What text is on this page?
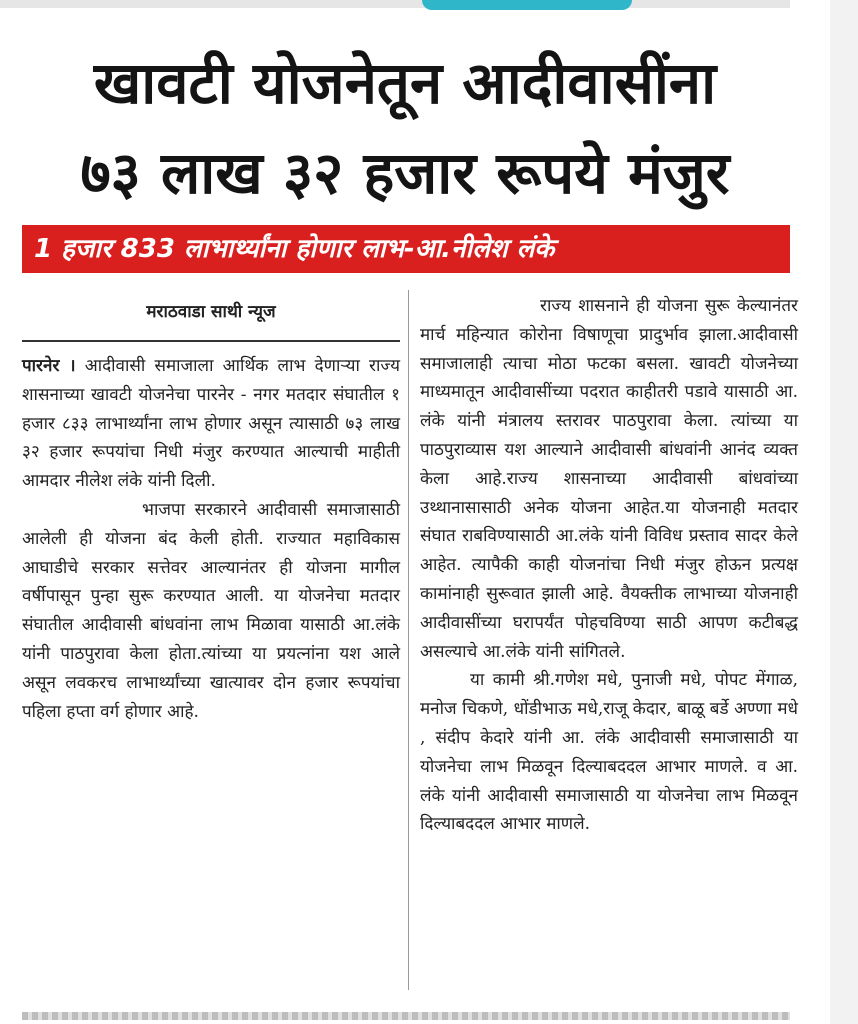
खावटी योजनेतून आदीवासींना
७३ लाख ३२ हजार रूपये मंजुर
1 हजार 833 लाभार्थ्यांना होणार लाभ-आ.नीलेश लंके
मराठवाडा साथी न्यूज

पारनेर । आदीवासी समाजाला आर्थिक लाभ देणाऱ्या राज्य शासनाच्या खावटी योजनेचा पारनेर - नगर मतदार संघातील १ हजार ८३३ लाभार्थ्यांना लाभ होणार असून त्यासाठी ७३ लाख ३२ हजार रूपयांचा निधी मंजुर करण्यात आल्याची माहीती आमदार नीलेश लंके यांनी दिली.

भाजपा सरकारने आदीवासी समाजासाठी आलेली ही योजना बंद केली होती. राज्यात महाविकास आघाडीचे सरकार सत्तेवर आल्यानंतर ही योजना मागील वर्षीपासून पुन्हा सुरू करण्यात आली. या योजनेचा मतदार संघातील आदीवासी बांधवांना लाभ मिळावा यासाठी आ.लंके यांनी पाठपुरावा केला होता.त्यांच्या या प्रयत्नांना यश आले असून लवकरच लाभार्थ्यांच्या खात्यावर दोन हजार रूपयांचा पहिला हप्ता वर्ग होणार आहे.

राज्य शासनाने ही योजना सुरू केल्यानंतर मार्च महिन्यात कोरोना विषाणूचा प्रादुर्भाव झाला.आदीवासी समाजालाही त्याचा मोठा फटका बसला. खावटी योजनेच्या माध्यमातून आदीवासींच्या पदरात काहीतरी पडावे यासाठी आ. लंके यांनी मंत्रालय स्तरावर पाठपुरावा केला. त्यांच्या या पाठपुराव्यास यश आल्याने आदीवासी बांधवांनी आनंद व्यक्त केला आहे.राज्य शासनाच्या आदीवासी बांधवांच्या उथ्थानासासाठी अनेक योजना आहेत.या योजनाही मतदार संघात राबविण्यासाठी आ.लंके यांनी विविध प्रस्ताव सादर केले आहेत. त्यापैकी काही योजनांचा निधी मंजुर होऊन प्रत्यक्ष कामांनाही सुरूवात झाली आहे. वैयक्तीक लाभाच्या योजनाही आदीवासींच्या घरापर्यंत पोहचविण्या साठी आपण कटीबद्ध असल्याचे आ.लंके यांनी सांगितले.

या कामी श्री.गणेश मधे, पुनाजी मधे, पोपट मेंगाळ, मनोज चिकणे, धोंडीभाऊ मधे,राजू केदार, बाळू बर्डे अण्णा मधे , संदीप केदारे यांनी आ. लंके आदीवासी समाजासाठी या योजनेचा लाभ मिळवून दिल्याबददल आभार माणले. व आ. लंके यांनी आदीवासी समाजासाठी या योजनेचा लाभ मिळवून दिल्याबददल आभार माणले.
